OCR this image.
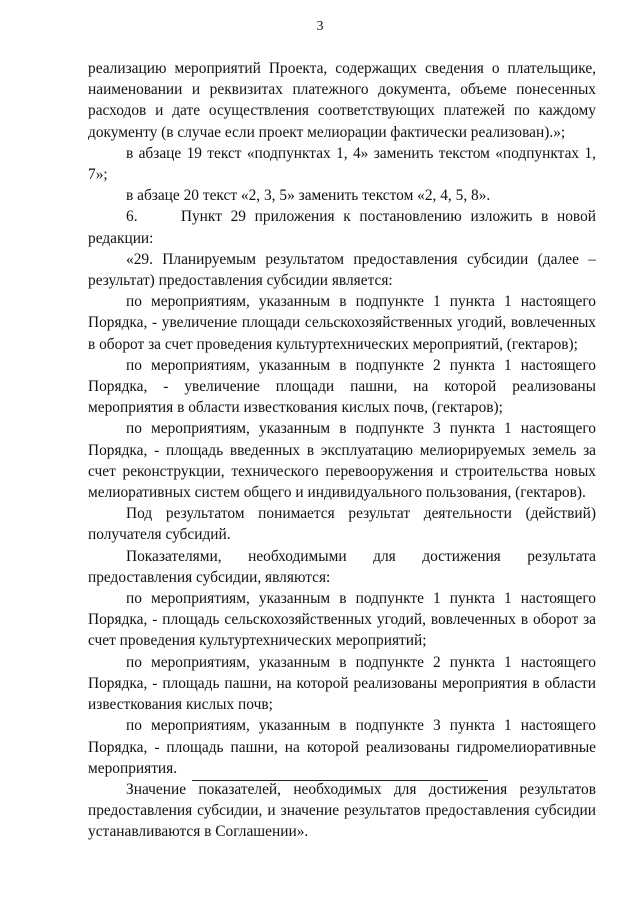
3

реализацию мероприятий Проекта, содержащих сведения о плательщике, наименовании и реквизитах платежного документа, объеме понесенных расходов и дате осуществления соответствующих платежей по каждому документу (в случае если проект мелиорации фактически реализован).»;

в абзаце 19 текст «подпунктах 1, 4» заменить текстом «подпунктах 1, 7»;

в абзаце 20 текст «2, 3, 5» заменить текстом «2, 4, 5, 8».

6.     Пункт 29 приложения к постановлению изложить в новой редакции:

«29. Планируемым результатом предоставления субсидии (далее – результат) предоставления субсидии является:

по мероприятиям, указанным в подпункте 1 пункта 1 настоящего Порядка, - увеличение площади сельскохозяйственных угодий, вовлеченных в оборот за счет проведения культуртехнических мероприятий, (гектаров);

по мероприятиям, указанным в подпункте 2 пункта 1 настоящего Порядка, - увеличение площади пашни, на которой реализованы мероприятия в области известкования кислых почв, (гектаров);

по мероприятиям, указанным в подпункте 3 пункта 1 настоящего Порядка, - площадь введенных в эксплуатацию мелиорируемых земель за счет реконструкции, технического перевооружения и строительства новых мелиоративных систем общего и индивидуального пользования, (гектаров).

Под результатом понимается результат деятельности (действий) получателя субсидий.

Показателями, необходимыми для достижения результата предоставления субсидии, являются:

по мероприятиям, указанным в подпункте 1 пункта 1 настоящего Порядка, - площадь сельскохозяйственных угодий, вовлеченных в оборот за счет проведения культуртехнических мероприятий;

по мероприятиям, указанным в подпункте 2 пункта 1 настоящего Порядка, - площадь пашни, на которой реализованы мероприятия в области известкования кислых почв;

по мероприятиям, указанным в подпункте 3 пункта 1 настоящего Порядка, - площадь пашни, на которой реализованы гидромелиоративные мероприятия.

Значение показателей, необходимых для достижения результатов предоставления субсидии, и значение результатов предоставления субсидии устанавливаются в Соглашении».
